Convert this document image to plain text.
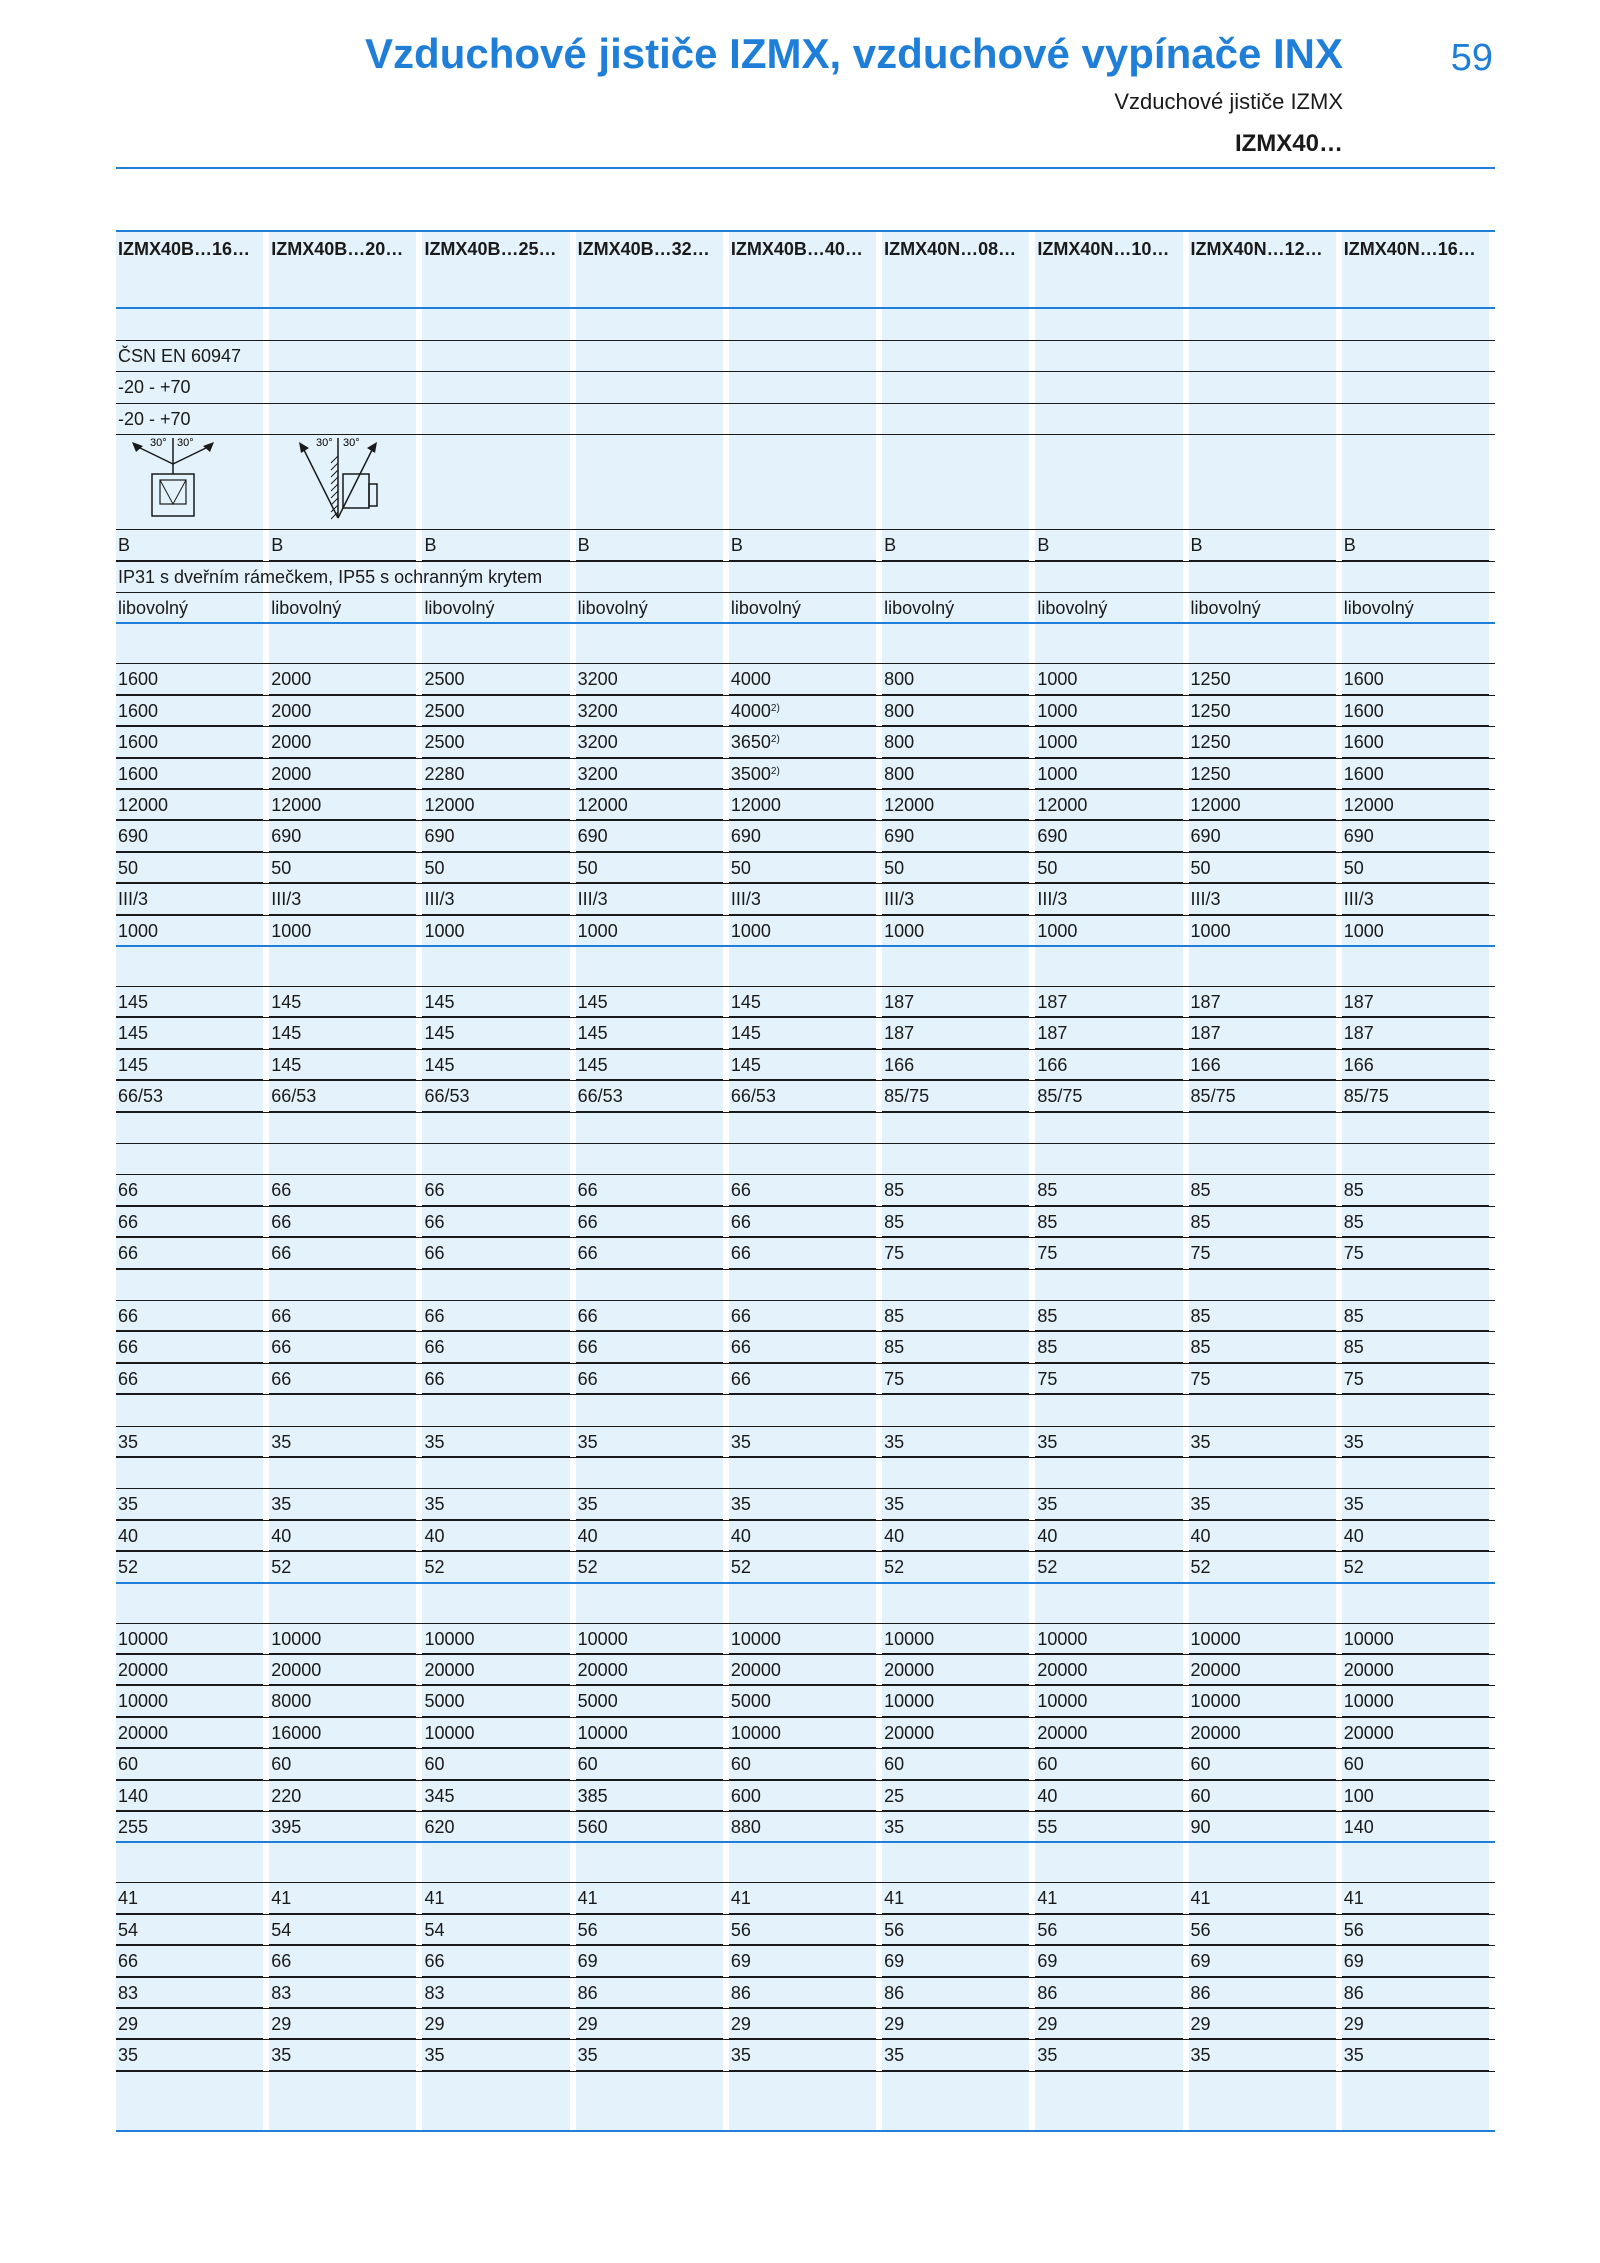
Vzduchové jističe IZMX, vzduchové vypínače INX	59
Vzduchové jističe IZMX
IZMX40…
IZMX40B…16… IZMX40B…20… IZMX40B…25… IZMX40B…32… IZMX40B…40… IZMX40N…08… IZMX40N…10… IZMX40N…12… IZMX40N…16…
ČSN EN 60947
-20 - +70
-20 - +70
30° 30°	30° 30°
B	B	B	B	B	B	B	B	B
IP31 s dveřním rámečkem, IP55 s ochranným krytem
libovolný	libovolný	libovolný	libovolný	libovolný	libovolný	libovolný	libovolný	libovolný
1600	2000	2500	3200	4000	800	1000	1250	1600
1600	2000	2500	3200	4000$^{2)}$	800	1000	1250	1600
1600	2000	2500	3200	3650$^{2)}$	800	1000	1250	1600
1600	2000	2280	3200	3500$^{2)}$	800	1000	1250	1600
12000	12000	12000	12000	12000	12000	12000	12000	12000
690	690	690	690	690	690	690	690	690
50	50	50	50	50	50	50	50	50
III/3	III/3	III/3	III/3	III/3	III/3	III/3	III/3	III/3
1000	1000	1000	1000	1000	1000	1000	1000	1000
145	145	145	145	145	187	187	187	187
145	145	145	145	145	187	187	187	187
145	145	145	145	145	166	166	166	166
66/53	66/53	66/53	66/53	66/53	85/75	85/75	85/75	85/75
66	66	66	66	66	85	85	85	85
66	66	66	66	66	85	85	85	85
66	66	66	66	66	75	75	75	75
66	66	66	66	66	85	85	85	85
66	66	66	66	66	85	85	85	85
66	66	66	66	66	75	75	75	75
35	35	35	35	35	35	35	35	35
35	35	35	35	35	35	35	35	35
40	40	40	40	40	40	40	40	40
52	52	52	52	52	52	52	52	52
10000	10000	10000	10000	10000	10000	10000	10000	10000
20000	20000	20000	20000	20000	20000	20000	20000	20000
10000	8000	5000	5000	5000	10000	10000	10000	10000
20000	16000	10000	10000	10000	20000	20000	20000	20000
60	60	60	60	60	60	60	60	60
140	220	345	385	600	25	40	60	100
255	395	620	560	880	35	55	90	140
41	41	41	41	41	41	41	41	41
54	54	54	56	56	56	56	56	56
66	66	66	69	69	69	69	69	69
83	83	83	86	86	86	86	86	86
29	29	29	29	29	29	29	29	29
35	35	35	35	35	35	35	35	35
